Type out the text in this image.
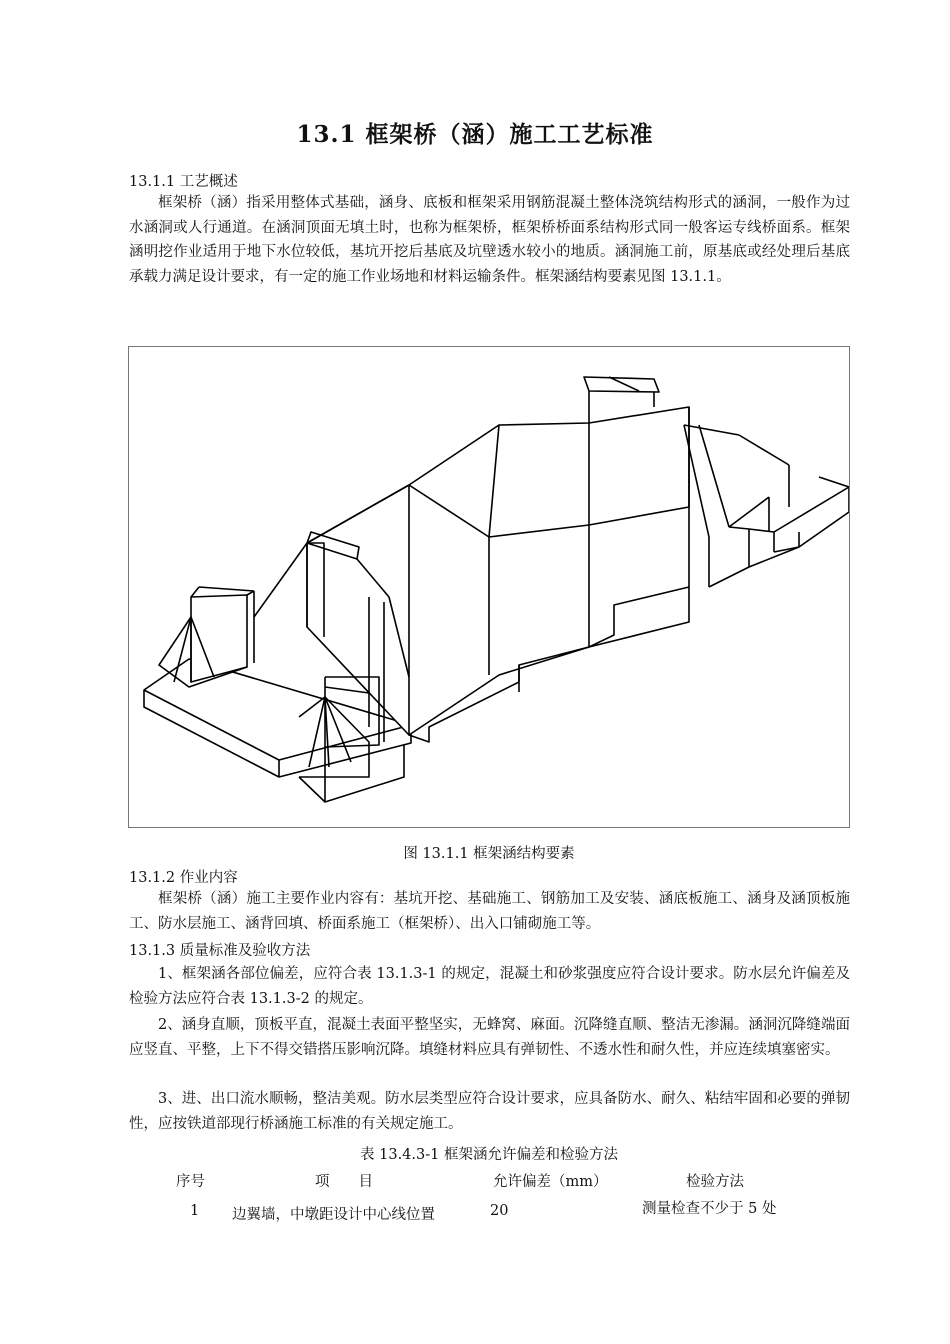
13.1 框架桥（涵）施工工艺标准
13.1.1 工艺概述

框架桥（涵）指采用整体式基础，涵身、底板和框架采用钢筋混凝土整体浇筑结构形式的涵洞，一般作为过水涵洞或人行通道。在涵洞顶面无填土时，也称为框架桥，框架桥桥面系结构形式同一般客运专线桥面系。框架涵明挖作业适用于地下水位较低，基坑开挖后基底及坑壁透水较小的地质。涵洞施工前，原基底或经处理后基底承载力满足设计要求，有一定的施工作业场地和材料运输条件。框架涵结构要素见图 13.1.1。

图 13.1.1 框架涵结构要素
13.1.2 作业内容

框架桥（涵）施工主要作业内容有：基坑开挖、基础施工、钢筋加工及安装、涵底板施工、涵身及涵顶板施工、防水层施工、涵背回填、桥面系施工（框架桥）、出入口铺砌施工等。

13.1.3 质量标准及验收方法

1、框架涵各部位偏差，应符合表 13.1.3-1 的规定，混凝土和砂浆强度应符合设计要求。防水层允许偏差及检验方法应符合表 13.1.3-2 的规定。

2、涵身直顺，顶板平直，混凝土表面平整坚实，无蜂窝、麻面。沉降缝直顺、整洁无渗漏。涵洞沉降缝端面应竖直、平整，上下不得交错搭压影响沉降。填缝材料应具有弹韧性、不透水性和耐久性，并应连续填塞密实。

3、进、出口流水顺畅，整洁美观。防水层类型应符合设计要求，应具备防水、耐久、粘结牢固和必要的弹韧性，应按铁道部现行桥涵施工标准的有关规定施工。

表 13.4.3-1 框架涵允许偏差和检验方法
序号	项　　目	允许偏差（mm）	检验方法
1 边翼墙，中墩距设计中心线位置	20	测量检查不少于 5 处
